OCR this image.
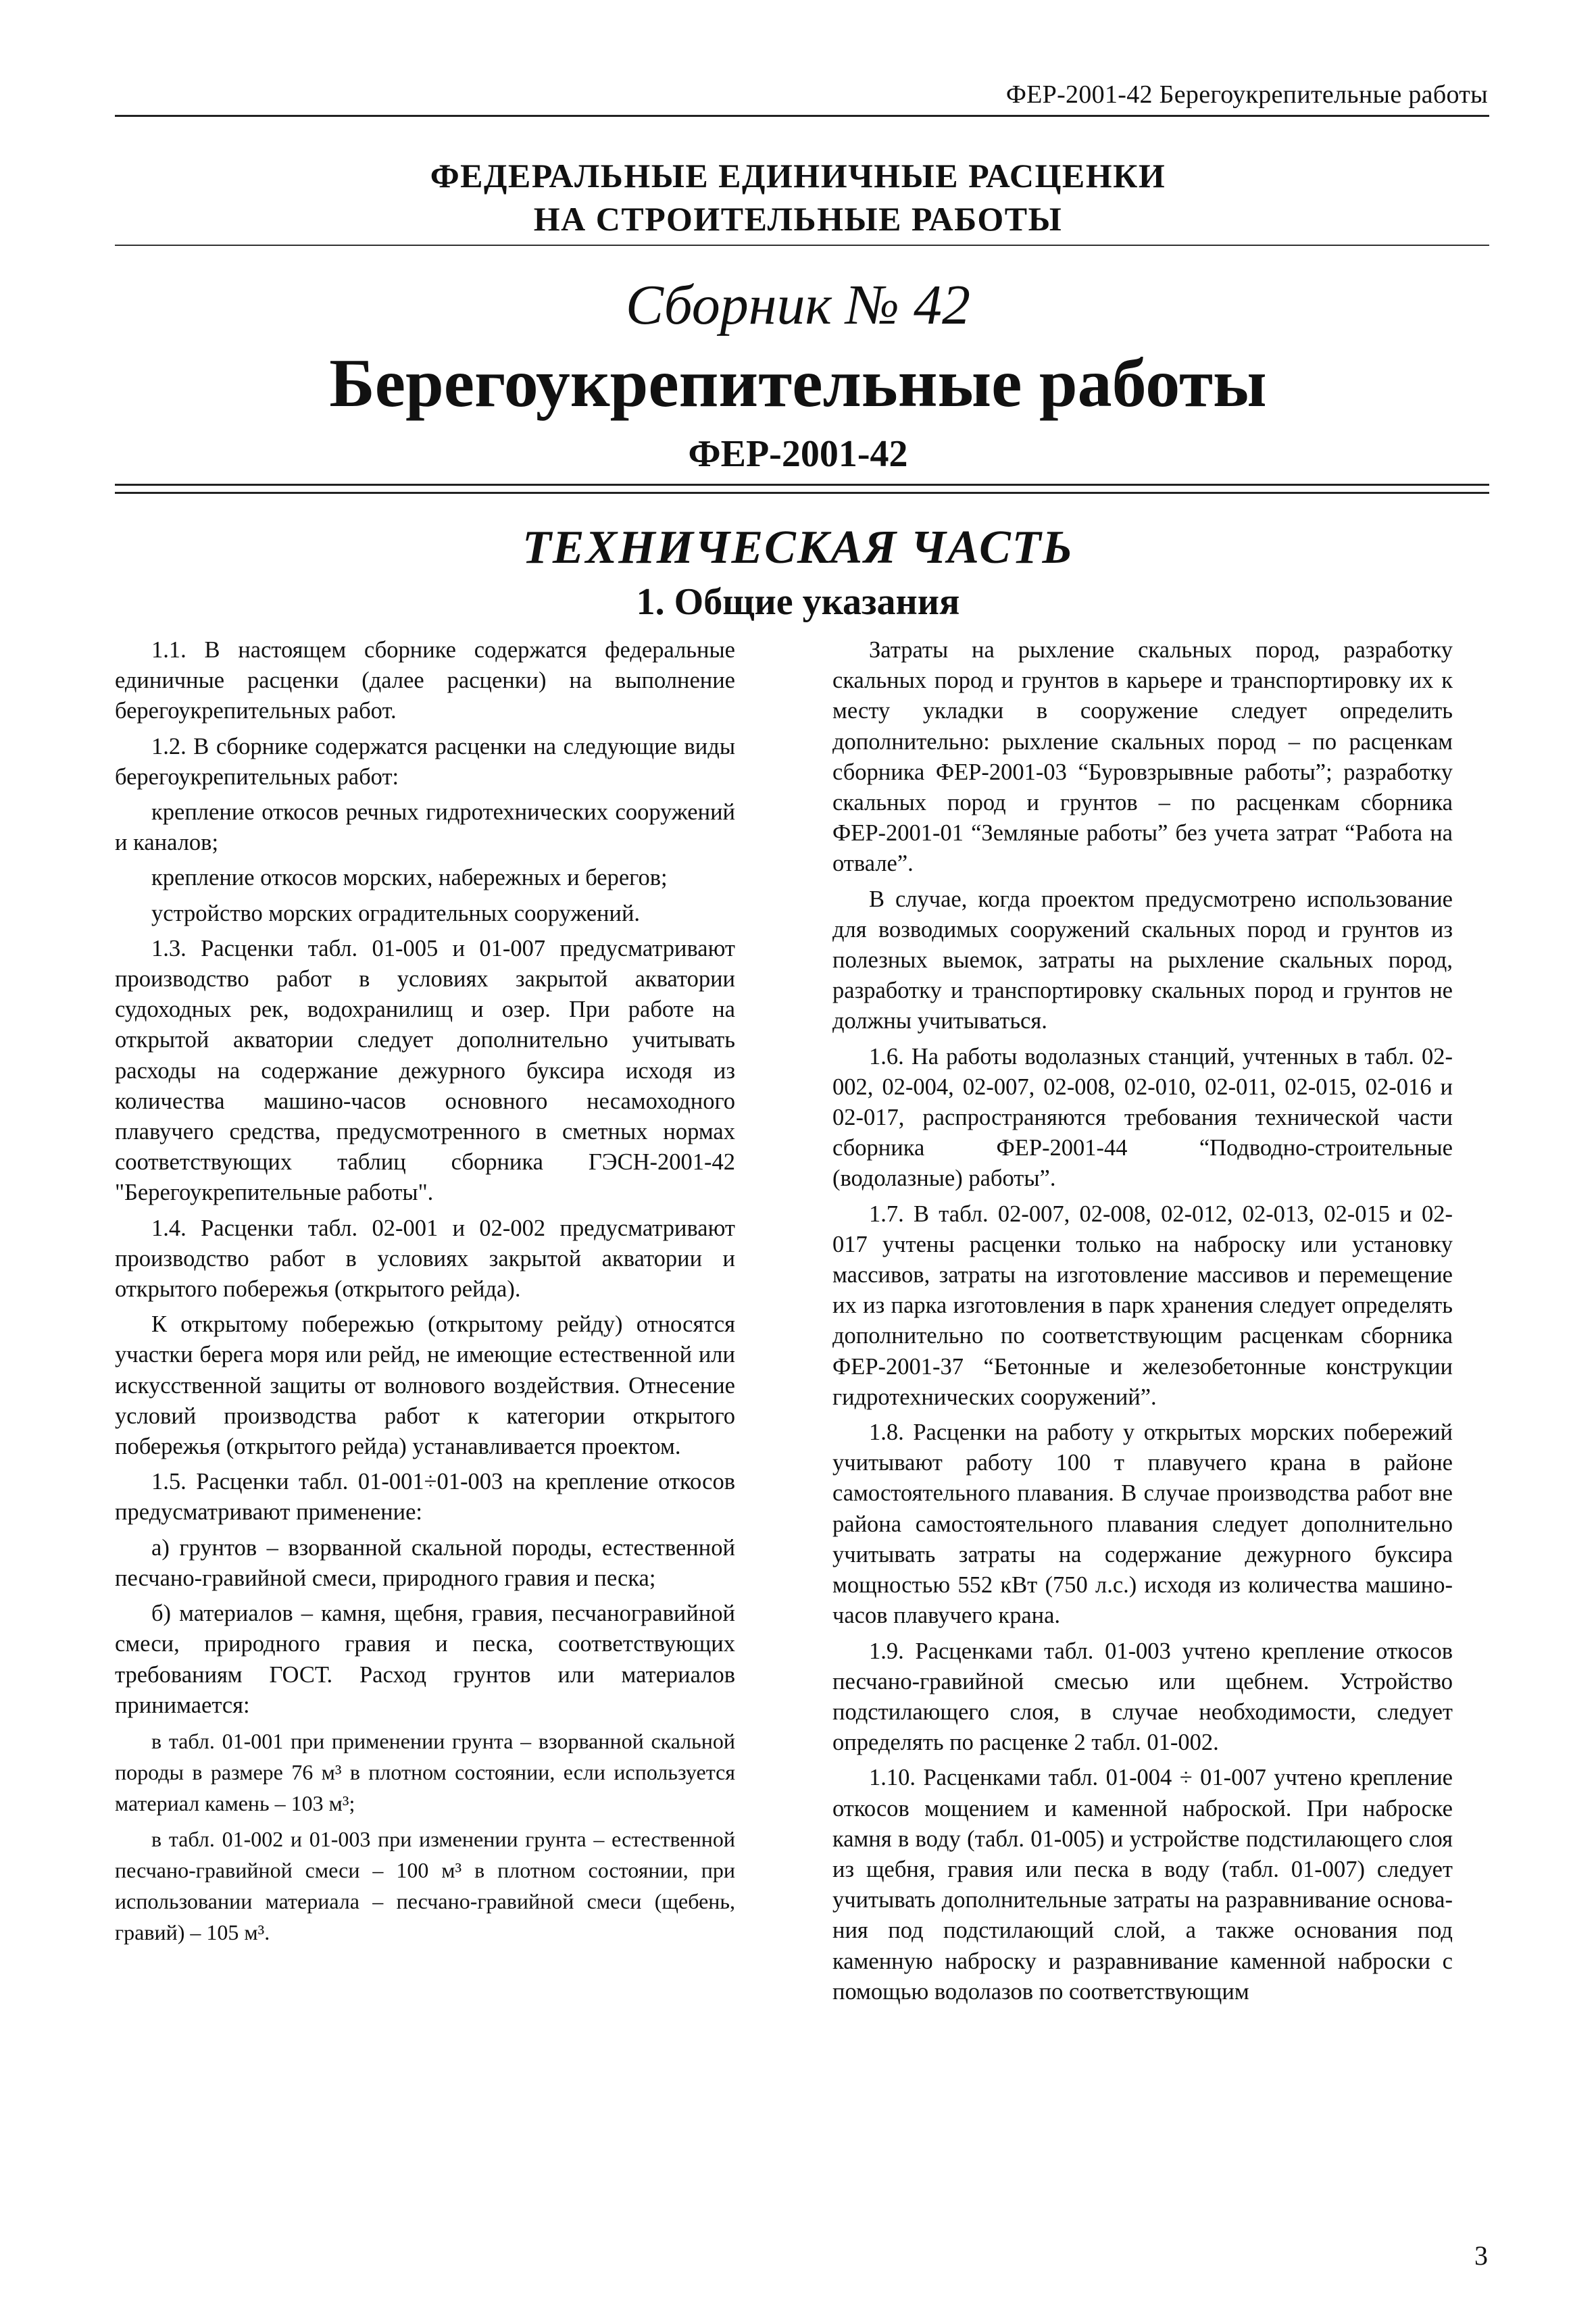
ФЕР-2001-42 Берегоукрепительные работы
ФЕДЕРАЛЬНЫЕ ЕДИНИЧНЫЕ РАСЦЕНКИ
НА СТРОИТЕЛЬНЫЕ РАБОТЫ
Сборник № 42
Берегоукрепительные работы
ФЕР-2001-42
ТЕХНИЧЕСКАЯ ЧАСТЬ
1. Общие указания

1.1. В настоящем сборнике содержатся федеральные единичные расценки (далее расценки) на выполнение берегоукрепительных работ.

1.2. В сборнике содержатся расценки на следующие виды берегоукрепительных работ:

крепление откосов речных гидротехнических сооружений и каналов;

крепление откосов морских, набережных и берегов;

устройство морских оградительных сооружений.

1.3. Расценки табл. 01-005 и 01-007 предусматривают производство работ в условиях закрытой акватории судоходных рек, водохранилищ и озер. При работе на открытой акватории следует дополнительно учитывать расходы на содержание дежурного буксира исходя из количества машино-часов основного несамоходного плавучего средства, предусмотренного в сметных нормах соответствующих таблиц сборника ГЭСН-2001-42 "Берегоукрепительные работы".

1.4. Расценки табл. 02-001 и 02-002 предусматривают производство работ в условиях закрытой акватории и открытого побережья (открытого рейда).

К открытому побережью (открытому рейду) относятся участки берега моря или рейд, не имеющие естественной или искусственной защиты от волнового воздействия. Отнесение условий производства работ к категории открытого побережья (открытого рейда) устанавливается проектом.

1.5. Расценки табл. 01-001÷01-003 на крепление откосов предусматривают применение:

а) грунтов – взорванной скальной породы, естественной песчано-гравийной смеси, природного гравия и песка;

б) материалов – камня, щебня, гравия, песчаногравийной смеси, природного гравия и песка, соответствующих требованиям ГОСТ. Расход грунтов или материалов принимается:

в табл. 01-001 при применении грунта – взорванной скальной породы в размере 76 м³ в плотном состоянии, если используется материал камень – 103 м³;

в табл. 01-002 и 01-003 при изменении грунта – естественной песчано-гравийной смеси – 100 м³ в плотном состоянии, при использовании материала – песчано-гравийной смеси (щебень, гравий) – 105 м³.

Затраты на рыхление скальных пород, разработку скальных пород и грунтов в карьере и транспортировку их к месту укладки в сооружение следует определить дополнительно: рыхление скальных пород – по расценкам сборника ФЕР-2001-03 “Буровзрывные работы”; разработку скальных пород и грунтов – по расценкам сборника ФЕР-2001-01 “Земляные работы” без учета затрат “Работа на отвале”.

В случае, когда проектом предусмотрено использование для возводимых сооружений скальных пород и грунтов из полезных выемок, затраты на рыхление скальных пород, разработку и транспортировку скальных пород и грунтов не должны учитываться.

1.6. На работы водолазных станций, учтенных в табл. 02-002, 02-004, 02-007, 02-008, 02-010, 02-011, 02-015, 02-016 и 02-017, распространяются требования технической части сборника ФЕР-2001-44 “Подводно-строительные (водолазные) работы”.

1.7. В табл. 02-007, 02-008, 02-012, 02-013, 02-015 и 02-017 учтены расценки только на наброску или установку массивов, затраты на изготовление массивов и перемещение их из парка изготовления в парк хранения следует определять дополнительно по соответствующим расценкам сборника ФЕР-2001-37 “Бетонные и железобетонные конструкции гидротехнических сооружений”.

1.8. Расценки на работу у открытых морских побережий учитывают работу 100 т плавучего крана в районе самостоятельного плавания. В случае производства работ вне района самостоятельного плавания следует дополнительно учитывать затраты на содержание дежурного буксира мощностью 552 кВт (750 л.с.) исходя из количества машино-часов плавучего крана.

1.9. Расценками табл. 01-003 учтено крепление откосов песчано-гравийной смесью или щебнем. Устройство подстилающего слоя, в случае необходимости, следует определять по расценке 2 табл. 01-002.

1.10. Расценками табл. 01-004 ÷ 01-007 учтено крепление откосов мощением и каменной наброской. При наброске камня в воду (табл. 01-005) и устройстве подстилающего слоя из щебня, гравия или песка в воду (табл. 01-007) следует учитывать дополнительные затраты на разравнивание основания под подстилающий слой, а также основания под каменную наброску и разравнивание каменной наброски с помощью водолазов по соответствующим

3
